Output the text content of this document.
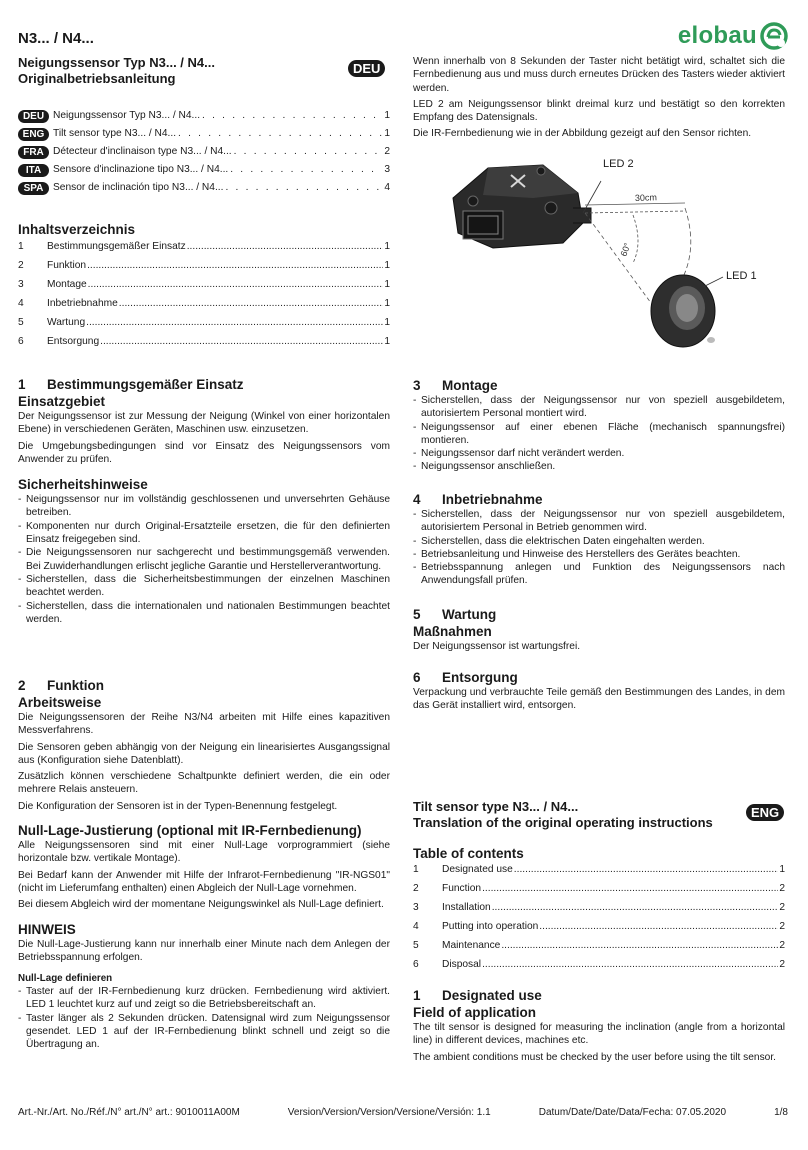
N3... / N4...	elobau
Neigungssensor Typ N3... / N4...
Originalbetriebsanleitung
DEU
DEU Neigungssensor Typ N3... / N4... . . .	1
ENG Tilt sensor type N3... / N4... . . .	1
FRA Détecteur d'inclinaison type N3... / N4... . . .	2
ITA	Sensore d'inclinazione tipo N3... / N4... . . .	3
SPA Sensor de inclinación tipo N3... / N4... . . .	4
Inhaltsverzeichnis
1	Bestimmungsgemäßer Einsatz .....	1
2	Funktion .....	1
3	Montage .....	1
4	Inbetriebnahme .....	1
5	Wartung .....	1
6	Entsorgung .....	1
1 Bestimmungsgemäßer Einsatz
Einsatzgebiet

Der Neigungssensor ist zur Messung der Neigung (Winkel von einer horizontalen Ebene) in verschiedenen Geräten, Maschinen usw. einzusetzen.

Die Umgebungsbedingungen sind vor Einsatz des Neigungssensors vom Anwender zu prüfen.

Sicherheitshinweise
- Neigungssensor nur im vollständig geschlossenen und unversehrten Gehäuse betreiben.
- Komponenten nur durch Original-Ersatzteile ersetzen, die für den definierten Einsatz freigegeben sind.
- Die Neigungssensoren nur sachgerecht und bestimmungsgemäß verwenden. Bei Zuwiderhandlungen erlischt jegliche Garantie und Herstellerverantwortung.
- Sicherstellen, dass die Sicherheitsbestimmungen der einzelnen Maschinen beachtet werden.
- Sicherstellen, dass die internationalen und nationalen Bestimmungen beachtet werden.
2 Funktion
Arbeitsweise

Die Neigungssensoren der Reihe N3/N4 arbeiten mit Hilfe eines kapazitiven Messverfahrens.

Die Sensoren geben abhängig von der Neigung ein linearisiertes Ausgangssignal aus (Konfiguration siehe Datenblatt).

Zusätzlich können verschiedene Schaltpunkte definiert werden, die ein oder mehrere Relais ansteuern.

Die Konfiguration der Sensoren ist in der Typen-Benennung festgelegt.

Null-Lage-Justierung (optional mit IR-Fernbedienung)

Alle Neigungssensoren sind mit einer Null-Lage vorprogrammiert (siehe horizontale bzw. vertikale Montage).

Bei Bedarf kann der Anwender mit Hilfe der Infrarot-Fernbedienung "IR-NGS01" (nicht im Lieferumfang enthalten) einen Abgleich der Null-Lage vornehmen.

Bei diesem Abgleich wird der momentane Neigungswinkel als Null-Lage definiert.

HINWEIS

Die Null-Lage-Justierung kann nur innerhalb einer Minute nach dem Anlegen der Betriebsspannung erfolgen.

Null-Lage definieren
- Taster auf der IR-Fernbedienung kurz drücken. Fernbedienung wird aktiviert. LED 1 leuchtet kurz auf und zeigt so die Betriebsbereitschaft an.
- Taster länger als 2 Sekunden drücken. Datensignal wird zum Neigungssensor gesendet. LED 1 auf der IR-Fernbedienung blinkt schnell und zeigt so die Übertragung an.

Wenn innerhalb von 8 Sekunden der Taster nicht betätigt wird, schaltet sich die Fernbedienung aus und muss durch erneutes Drücken des Tasters wieder aktiviert werden.

LED 2 am Neigungssensor blinkt dreimal kurz und bestätigt so den korrekten Empfang des Datensignals.

Die IR-Fernbedienung wie in der Abbildung gezeigt auf den Sensor richten.

30cm
60°
LED 2
LED 1
3 Montage
- Sicherstellen, dass der Neigungssensor nur von speziell ausgebildetem, autorisiertem Personal montiert wird.
- Neigungssensor auf einer ebenen Fläche (mechanisch spannungsfrei) montieren.
- Neigungssensor darf nicht verändert werden.
- Neigungssensor anschließen.
4 Inbetriebnahme
- Sicherstellen, dass der Neigungssensor nur von speziell ausgebildetem, autorisiertem Personal in Betrieb genommen wird.
- Sicherstellen, dass die elektrischen Daten eingehalten werden.
- Betriebsanleitung und Hinweise des Herstellers des Gerätes beachten.
- Betriebsspannung anlegen und Funktion des Neigungssensors nach Anwendungsfall prüfen.
5 Wartung
Maßnahmen

Der Neigungssensor ist wartungsfrei.

6 Entsorgung

Verpackung und verbrauchte Teile gemäß den Bestimmungen des Landes, in dem das Gerät installiert wird, entsorgen.

Tilt sensor type N3... / N4...
Translation of the original operating instructions
ENG
Table of contents
1	Designated use .....	1
2	Function .....	2
3	Installation .....	2
4	Putting into operation .....	2
5	Maintenance .....	2
6	Disposal .....	2
1 Designated use
Field of application

The tilt sensor is designed for measuring the inclination (angle from a horizontal line) in different devices, machines etc.

The ambient conditions must be checked by the user before using the tilt sensor.

Art.-Nr./Art. No./Réf./N° art./N° art.: 9010011A00M	Version/Version/Version/Versione/Versión: 1.1	Datum/Date/Date/Data/Fecha: 07.05.2020	1/8
